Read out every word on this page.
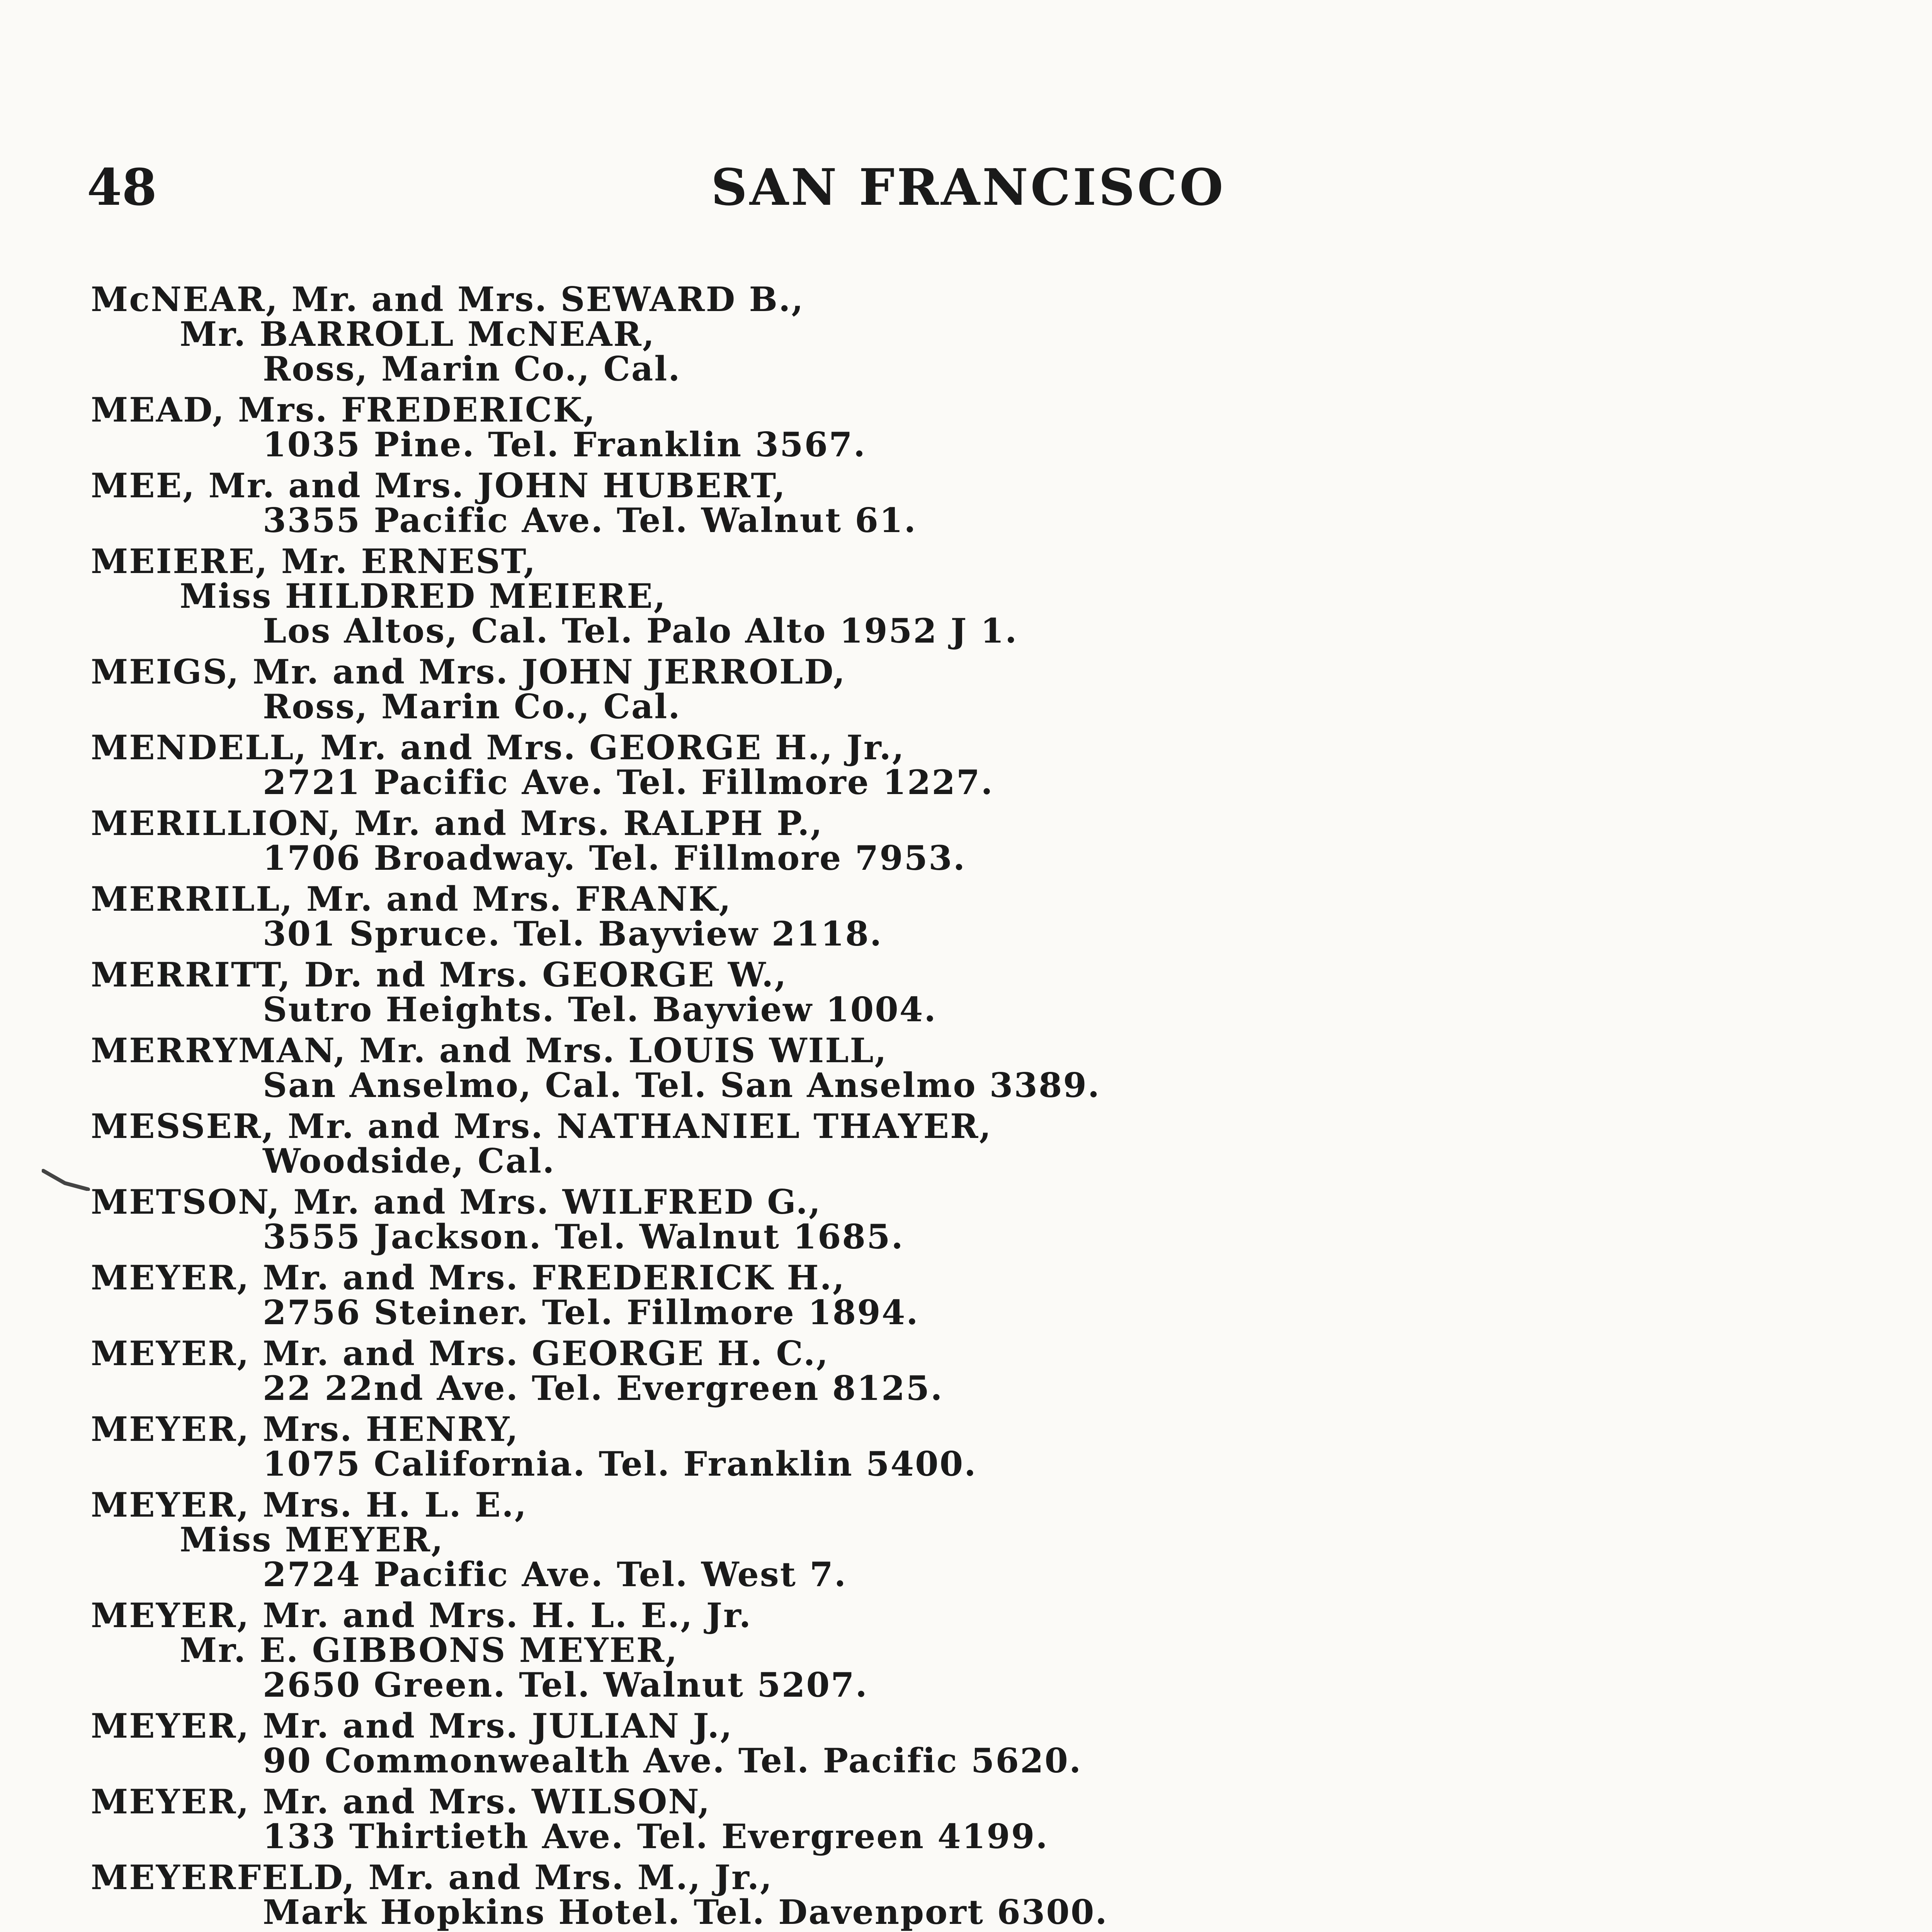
48	SAN FRANCISCO
McNEAR, Mr. and Mrs. SEWARD B.,
Mr. BARROLL McNEAR,
Ross, Marin Co., Cal.
MEAD, Mrs. FREDERICK,
1035 Pine. Tel. Franklin 3567.
MEE, Mr. and Mrs. JOHN HUBERT,
3355 Pacific Ave. Tel. Walnut 61.
MEIERE, Mr. ERNEST,
Miss HILDRED MEIERE,
Los Altos, Cal. Tel. Palo Alto 1952 J 1.
MEIGS, Mr. and Mrs. JOHN JERROLD,
Ross, Marin Co., Cal.
MENDELL, Mr. and Mrs. GEORGE H., Jr.,
2721 Pacific Ave. Tel. Fillmore 1227.
MERILLION, Mr. and Mrs. RALPH P.,
1706 Broadway. Tel. Fillmore 7953.
MERRILL, Mr. and Mrs. FRANK,
301 Spruce. Tel. Bayview 2118.
MERRITT, Dr. nd Mrs. GEORGE W.,
Sutro Heights. Tel. Bayview 1004.
MERRYMAN, Mr. and Mrs. LOUIS WILL,
San Anselmo, Cal. Tel. San Anselmo 3389.
MESSER, Mr. and Mrs. NATHANIEL THAYER,
Woodside, Cal.
METSON, Mr. and Mrs. WILFRED G.,
3555 Jackson. Tel. Walnut 1685.
MEYER, Mr. and Mrs. FREDERICK H.,
2756 Steiner. Tel. Fillmore 1894.
MEYER, Mr. and Mrs. GEORGE H. C.,
22 22nd Ave. Tel. Evergreen 8125.
MEYER, Mrs. HENRY,
1075 California. Tel. Franklin 5400.
MEYER, Mrs. H. L. E.,
Miss MEYER,
2724 Pacific Ave. Tel. West 7.
MEYER, Mr. and Mrs. H. L. E., Jr.
Mr. E. GIBBONS MEYER,
2650 Green. Tel. Walnut 5207.
MEYER, Mr. and Mrs. JULIAN J.,
90 Commonwealth Ave. Tel. Pacific 5620.
MEYER, Mr. and Mrs. WILSON,
133 Thirtieth Ave. Tel. Evergreen 4199.
MEYERFELD, Mr. and Mrs. M., Jr.,
Mark Hopkins Hotel. Tel. Davenport 6300.
